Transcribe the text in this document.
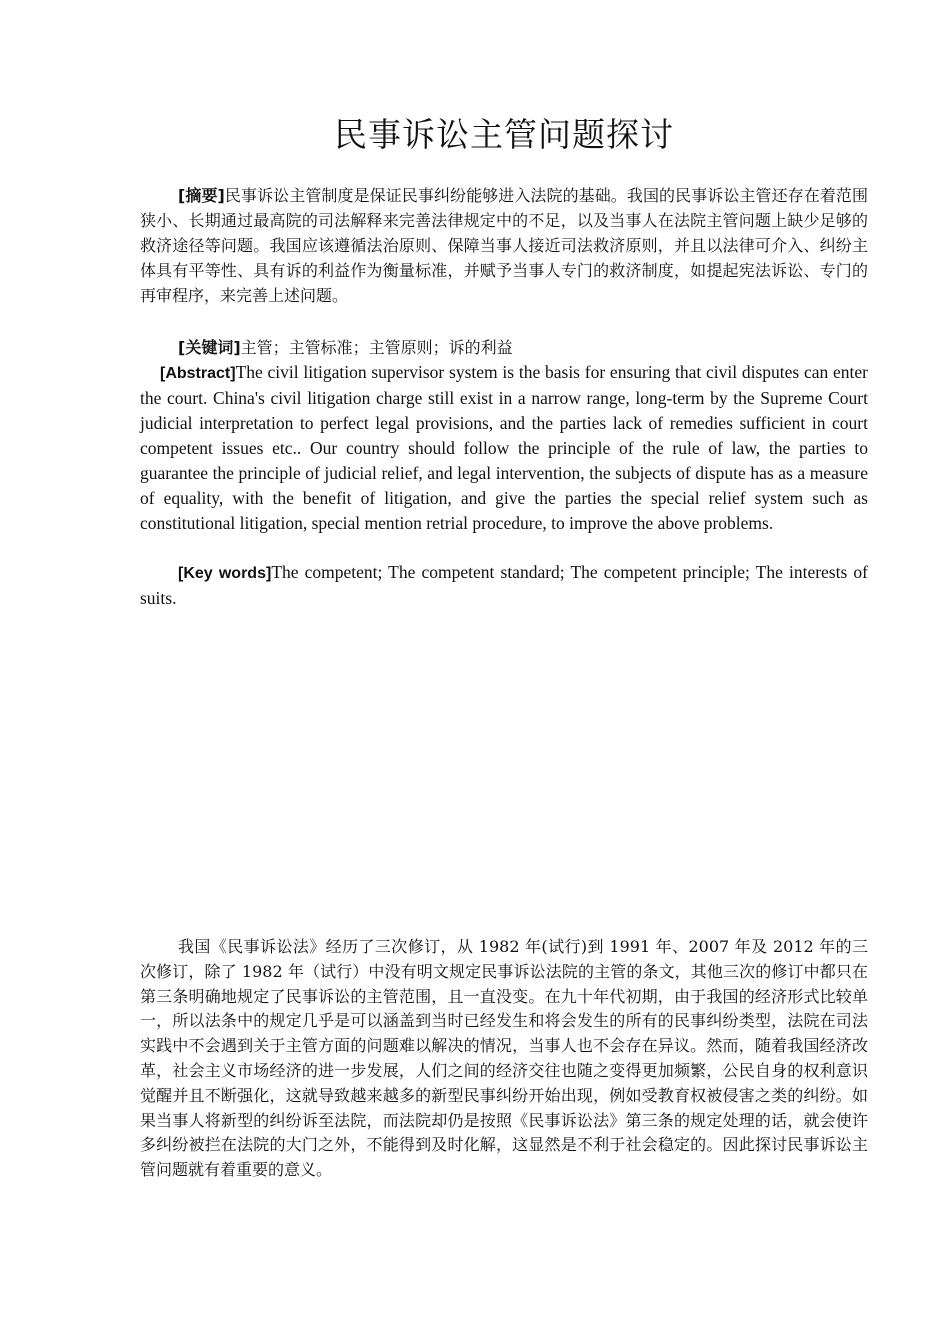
民事诉讼主管问题探讨

[摘要]民事诉讼主管制度是保证民事纠纷能够进入法院的基础。我国的民事诉讼主管还存在着范围狭小、长期通过最高院的司法解释来完善法律规定中的不足，以及当事人在法院主管问题上缺少足够的救济途径等问题。我国应该遵循法治原则、保障当事人接近司法救济原则，并且以法律可介入、纠纷主体具有平等性、具有诉的利益作为衡量标准，并赋予当事人专门的救济制度，如提起宪法诉讼、专门的再审程序，来完善上述问题。

[关键词]主管；主管标准；主管原则；诉的利益

[Abstract]The civil litigation supervisor system is the basis for ensuring that civil disputes can enter the court. China's civil litigation charge still exist in a narrow range, long-term by the Supreme Court judicial interpretation to perfect legal provisions, and the parties lack of remedies sufficient in court competent issues etc.. Our country should follow the principle of the rule of law, the parties to guarantee the principle of judicial relief, and legal intervention, the subjects of dispute has as a measure of equality, with the benefit of litigation, and give the parties the special relief system such as constitutional litigation, special mention retrial procedure, to improve the above problems.

[Key words]The competent; The competent standard; The competent principle; The interests of suits.

我国《民事诉讼法》经历了三次修订，从 1982 年(试行)到 1991 年、2007 年及 2012 年的三次修订，除了 1982 年（试行）中没有明文规定民事诉讼法院的主管的条文，其他三次的修订中都只在第三条明确地规定了民事诉讼的主管范围，且一直没变。在九十年代初期，由于我国的经济形式比较单一，所以法条中的规定几乎是可以涵盖到当时已经发生和将会发生的所有的民事纠纷类型，法院在司法实践中不会遇到关于主管方面的问题难以解决的情况，当事人也不会存在异议。然而，随着我国经济改革，社会主义市场经济的进一步发展，人们之间的经济交往也随之变得更加频繁，公民自身的权利意识觉醒并且不断强化，这就导致越来越多的新型民事纠纷开始出现，例如受教育权被侵害之类的纠纷。如果当事人将新型的纠纷诉至法院，而法院却仍是按照《民事诉讼法》第三条的规定处理的话，就会使许多纠纷被拦在法院的大门之外，不能得到及时化解，这显然是不利于社会稳定的。因此探讨民事诉讼主管问题就有着重要的意义。
